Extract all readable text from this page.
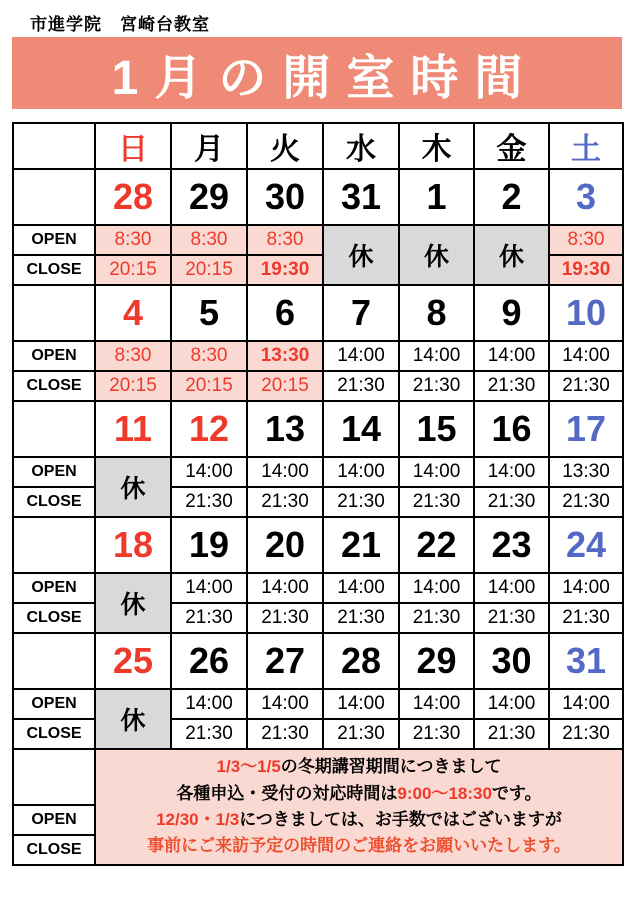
市進学院　宮崎台教室
1月の開室時間
	日	月	火	水	木	金	土
	28	29	30	31	1	2	3
OPEN	8:30	8:30	8:30	休	休	休	8:30
CLOSE	20:15	20:15	19:30				19:30
	4	5	6	7	8	9	10
OPEN	8:30	8:30	13:30	14:00	14:00	14:00	14:00
CLOSE	20:15	20:15	20:15	21:30	21:30	21:30	21:30
	11	12	13	14	15	16	17
OPEN	休	14:00	14:00	14:00	14:00	14:00	13:30
CLOSE		21:30	21:30	21:30	21:30	21:30	21:30
	18	19	20	21	22	23	24
OPEN	休	14:00	14:00	14:00	14:00	14:00	14:00
CLOSE		21:30	21:30	21:30	21:30	21:30	21:30
	25	26	27	28	29	30	31
OPEN	休	14:00	14:00	14:00	14:00	14:00	14:00
CLOSE		21:30	21:30	21:30	21:30	21:30	21:30

	1/3～1/5の冬期講習期間につきまして
各種申込・受付の対応時間は9:00～18:30です。
12/30・1/3につきましては、お手数ではございますが
事前にご来訪予定の時間のご連絡をお願いいたします。						

OPEN							
CLOSE							
